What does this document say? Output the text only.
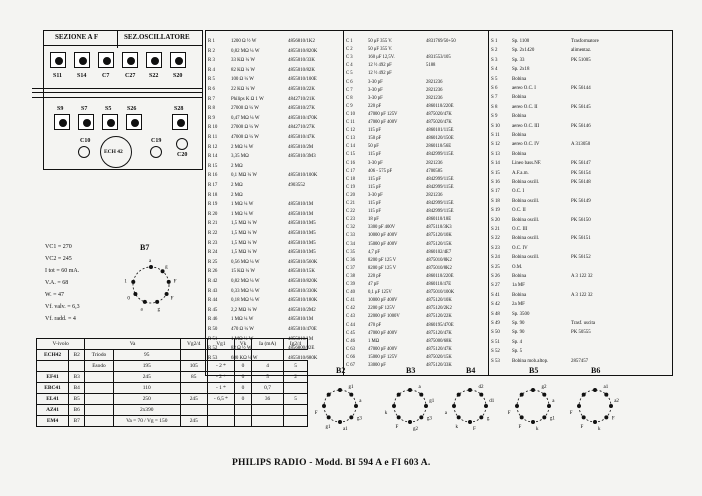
SEZIONE A F	SEZ.OSCILLATORE
S11 S14	C7	C27 S22 S20
S9	S7	S5	S26	S28
C10
ECH 42
C19
C20
VC1 = 270
VC2 = 245
I tot = 60 mA.
V.A. = 68
W. = 47
Vf. valv. = 6,3
Vf. radd. = 4
B7
a
g
F
F
g
a
0
1
R 1	1200 Ω ½ W	4856810/1K2
R 2	0,82 MΩ ¼ W	4855010/820K
R 3	33 KΩ ¼ W	4855010/33K
R 4	82 KΩ ¼ W	4855010/82K
R 5	100 Ω ¼ W	4855010/100E
R 6	22 KΩ ¼ W	4855010/22K
R 7	Philips K Ω 1 W	4842710/21K
R 8	27000 Ω ¼ W	4855010/27K
R 9	0,47 MΩ ¼ W	4855010/470K
R 10	27000 Ω ¼ W	4842710/27K
R 11	47000 Ω ¼ W	4855010/47K
R 12	2 MΩ ¼ W	4855010/2M
R 14	3,35 MΩ	4855010/3M3
R 15	2 MΩ
R 16	0,1 MΩ ¼ W	4855010/100K
R 17	2 MΩ	4903552
R 18	2 MΩ
R 19	1 MΩ ¼ W	4855010/1M
R 20	1 MΩ ¼ W	4855010/1M
R 21	1,5 MΩ ¼ W	4855010/1M5
R 22	1,5 MΩ ¼ W	4855010/1M5
R 23	1,5 MΩ ¼ W	4855010/1M5
R 24	1,5 MΩ ¼ W	4855010/1M5
R 25	0,56 MΩ ¼ W	4855010/560K
R 26	15 KΩ ¼ W	4855010/15K
R 42	0,82 MΩ ¼ W	4855010/820K
R 43	0,33 MΩ ¼ W	4855010/330K
R 44	0,18 MΩ ¼ W	4855010/180K
R 45	2,2 MΩ ¼ W	4855010/2M2
R 46	1 MΩ ¼ W	4855010/1M
R 50	470 Ω ¼ W	4855010/470E
R 51	1 MΩ ¼ W	4855010/1M
R 52	82 Ω ½ W	4856800/82E
R 53	680 KΩ ¼ W	4855010/680K
C 1	50 μF 355 V.	4831769/50+50
C 2	50 μF 355 V.
C 3	160 μF 12,5V.	4831553/105
C 4	12 ½ 492 pF	5188
C 5	12 ½ 492 pF
C 6	3-30 pF	2821236
C 7	3-30 pF	2821236
C 8	3-30 pF	2821236
C 9	220 pF	4860110/220E
C 10	47000 pF 125V	4875020/47K
C 11	47000 pF 400V	4875020/47K
C 12	115 pF	4860101/115E
C 13	150 pF	4860120/150E
C 14	50 pF	2860110/56E
C 15	115 pF	4842999/115E
C 16	3-30 pF	2821236
C 17	406 - 575 pF	4700585
C 18	115 pF	4842999/115E
C 19	115 pF	4842999/115E
C 20	3-30 pF	2821236
C 21	115 pF	4842999/115E
C 22	115 pF	4842999/115E
C 23	18 pF	4860110/18E
C 32	3300 pF 400V	4875110/3K3
C 33	10000 pF 400V	4875120/10K
C 34	15000 pF 400V	4875120/15K
C 35	4,7 pF	4860102/4E7
C 36	8200 pF 125 V	4875010/8K2
C 37	8200 pF 125 V	4875010/8K2
C 38	220 pF	4860110/220E
C 39	47 pF	4860110/47E
C 40	0,1 μF 125V	4875010/100K
C 41	10000 pF 400V	4875120/10K
C 42	2200 pF 125V	4875120/2K2
C 43	22000 pF 1000V	4875120/22K
C 44	470 pF	4860195/470E
C 45	47000 pF 400V	4875120/47K
C 46	1 MΩ	4875000/68K
C 63	47000 pF 400V	4875120/47K
C 66	15000 pF 125V	4875020/15K
C 67	33000 pF	4875120/33K
S 1	Sp. 1100	Trasformatore
S 2	Sp. 2x1420	alimentaz.
S 3	Sp. 33	PK 51005
S 4	Sp. 2x18
S 5	Bobina
S 6	aereo O.C. I	PK 56144
S 7	Bobina
S 8	aereo O.C. II	PK 56145
S 9	Bobina
S 10 aereo O.C. III	PK 56146
S 11	Bobina
S 12 aereo O.C. IV	A 313050
S 13 Bobina
S 14 Lineo bass.NF.	PK 56147
S 15 A.F.a.m.	PK 56154
S 16 Bobina oscill.	PK 56148
S 17 O.C. I
S 18 Bobina oscill.	PK 56149
S 19 O.C. II
S 20 Bobina oscill.	PK 56150
S 21 O.C. III
S 22 Bobina oscill.	PK 56151
S 23 O.C. IV
S 24 Bobina oscill.	PK 56152
S 25 O.M.
S 26 Bobina	A 3 122 32
S 27 1a MF
S 41 Bobina	A 3 122 32
S 42 2a MF
S 48 Sp. 3500
S 49 Sp. 90	Trasf. uscita
S 50 Sp. 90	PK 50555
S 51 Sp. 4
S 52 Sp. 5
S 53 Bobina mob.altop.	2857457
V-ivolo		Va		Vg2/4	Vg1	Vk	Ia (mA)	Ig2/4
ECH42	B2	Triodo	95					
		Esodo	195	105	- 2 *	0	4	5
EF41	B3		245	85	- 2 *	0	5	2
EBC41	B4		110		- 1 *	0	0,7	
EL41	B5		250	245	- 6,5 *	0	36	5
AZ41	B6		2x390					
EM4	B7		Va = 70 / Vg = 150	245				
B2
g1
a
g3
a1
g1
F
B3
a
g1
g3
g2
F
k
B4
d2
d1
g
F
k
a
B5
g2
a
g1
k
F
F
B6
a1
a2
F
k
F
F
PHILIPS RADIO - Modd. BI 594 A e FI 603 A.
